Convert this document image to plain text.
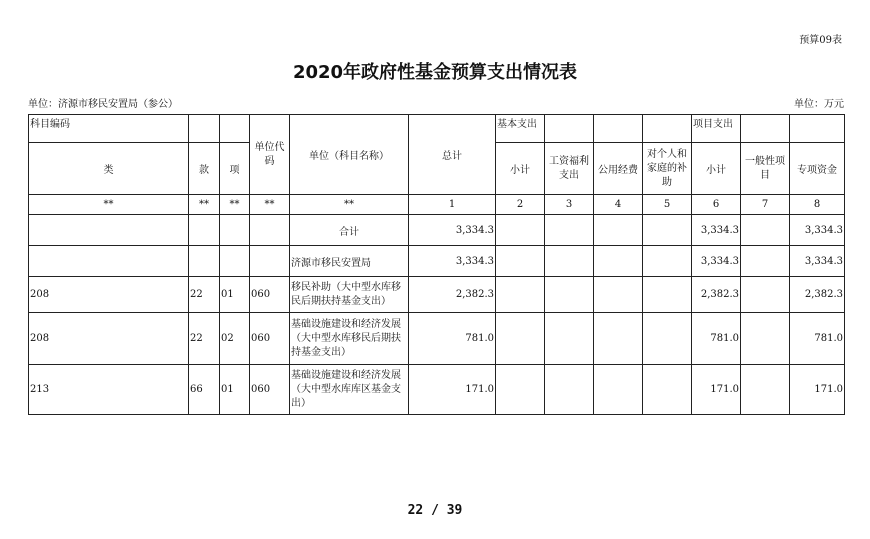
预算09表
2020年政府性基金预算支出情况表
单位：济源市移民安置局（参公）	单位：万元
科目编码			单位代码	单位（科目名称）	总计	基本支出				项目支出		
类	款	项				小计	工资福利支出	公用经费	对个人和家庭的补助	小计	一般性项目	专项资金
**	**	**	**	**	1	2	3	4	5	6	7	8
				合计	3,334.3					3,334.3		3,334.3
				济源市移民安置局	3,334.3					3,334.3		3,334.3
208	22	01	060	移民补助（大中型水库移民后期扶持基金支出）	2,382.3					2,382.3		2,382.3
208	22	02	060	基础设施建设和经济发展（大中型水库移民后期扶持基金支出）	781.0					781.0		781.0
213	66	01	060	基础设施建设和经济发展（大中型水库库区基金支出）	171.0					171.0		171.0
22 / 39
